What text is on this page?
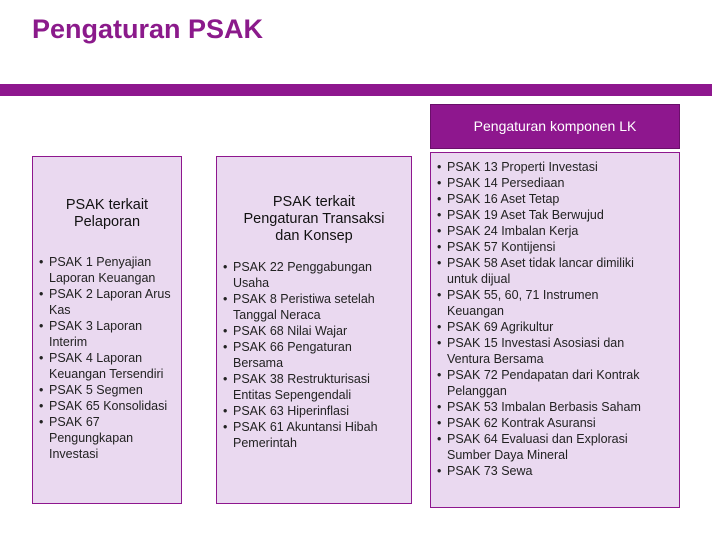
Pengaturan PSAK
PSAK terkait
Pelaporan
• PSAK 1 Penyajian
Laporan Keuangan
• PSAK 2 Laporan Arus
Kas
• PSAK 3 Laporan
Interim
• PSAK 4 Laporan
Keuangan Tersendiri
• PSAK 5 Segmen
• PSAK 65 Konsolidasi
• PSAK 67
Pengungkapan
Investasi
PSAK terkait
Pengaturan Transaksi
dan Konsep
• PSAK 22 Penggabungan
Usaha
• PSAK 8 Peristiwa setelah
Tanggal Neraca
• PSAK 68 Nilai Wajar
• PSAK 66 Pengaturan
Bersama
• PSAK 38 Restrukturisasi
Entitas Sepengendali
• PSAK 63 Hiperinflasi
• PSAK 61 Akuntansi Hibah
Pemerintah
Pengaturan komponen LK
• PSAK 13 Properti Investasi
• PSAK 14 Persediaan
• PSAK 16 Aset Tetap
• PSAK 19 Aset Tak Berwujud
• PSAK 24 Imbalan Kerja
• PSAK 57 Kontijensi
• PSAK 58 Aset tidak lancar dimiliki
untuk dijual
• PSAK 55, 60, 71 Instrumen
Keuangan
• PSAK 69 Agrikultur
• PSAK 15 Investasi Asosiasi dan
Ventura Bersama
• PSAK 72 Pendapatan dari Kontrak
Pelanggan
• PSAK 53 Imbalan Berbasis Saham
• PSAK 62 Kontrak Asuransi
• PSAK 64 Evaluasi dan Explorasi
Sumber Daya Mineral
• PSAK 73 Sewa
